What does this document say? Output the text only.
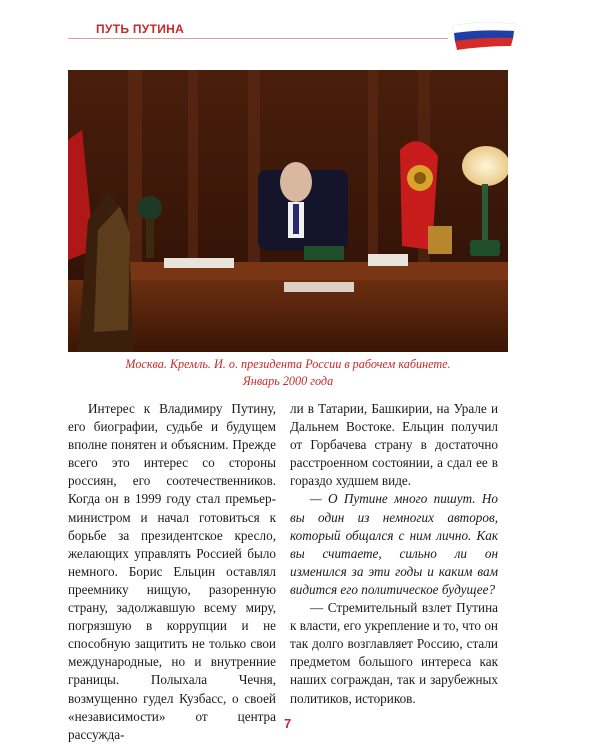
ПУТЬ ПУТИНА
Москва. Кремль. И. о. президента России в рабочем кабинете.
Январь 2000 года

Интерес к Владимиру Путину, его биографии, судьбе и будущем вполне понятен и объясним. Прежде всего это интерес со стороны россиян, его соотечественников. Когда он в 1999 году стал премьер-министром и начал готовиться к борьбе за президентское кресло, желающих управлять Россией было немного. Борис Ельцин оставлял преемнику нищую, разоренную страну, задолжавшую всему миру, погрязшую в коррупции и не способную защитить не только свои международные, но и внутренние границы. Полыхала Чечня, возмущенно гудел Кузбасс, о своей «независимости» от центра рассужда-

ли в Татарии, Башкирии, на Урале и Дальнем Востоке. Ельцин получил от Горбачева страну в достаточно расстроенном состоянии, а сдал ее в гораздо худшем виде.

— О Путине много пишут. Но вы один из немногих авторов, который общался с ним лично. Как вы считаете, сильно ли он изменился за эти годы и каким вам видится его политическое будущее?

— Стремительный взлет Путина к власти, его укрепление и то, что он так долго возглавляет Россию, стали предметом большого интереса как наших сограждан, так и зарубежных политиков, историков.

7
